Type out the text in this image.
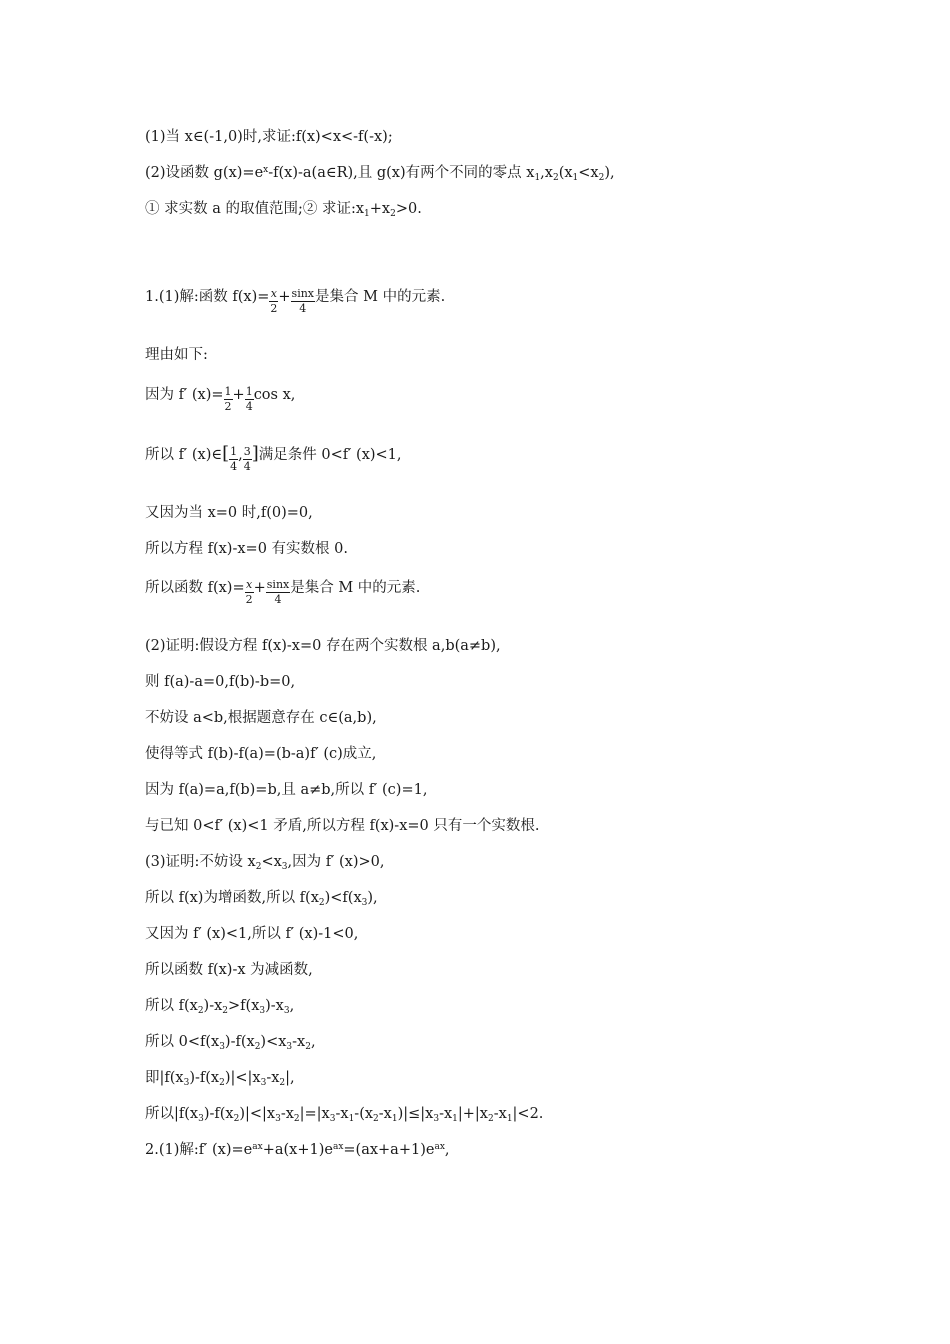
(1)当 x∈(-1,0)时,求证:f(x)<x<-f(-x);
(2)设函数 $g(x)=e^x-f(x)-a(a\in R)$,且 g(x)有两个不同的零点 $x_1,x_2(x_1<x_2)$,
① 求实数 a 的取值范围;② 求证$:x_1+x_2>0$.
1.(1)解:函数 $f(x)= \frac{x}{2} + \frac{\sin x}{4}$ 是集合 M 中的元素.
理由如下:
因为 f′ $(x)= \frac{1}{2} + \frac{1}{4}$ cos x,
所以 f′ (x)∈[ $\frac{1}{4}$ , $\frac{3}{4}$ ]满足条件 0<f′ (x)<1,
又因为当 x=0 时,f(0)=0,
所以方程 f(x)-x=0 有实数根 0.
所以函数 $f(x)= \frac{x}{2} + \frac{\sin x}{4}$ 是集合 M 中的元素.
(2)证明:假设方程 f(x)-x=0 存在两个实数根 a,b(a≠b),
则 f(a)-a=0,f(b)-b=0,
不妨设 a<b,根据题意存在 c∈(a,b),
使得等式 f(b)-f(a)=(b-a)f′ (c)成立,
因为 f(a)=a,f(b)=b,且 a≠b,所以 f′ (c)=1,
与已知 0<f′ (x)<1 矛盾,所以方程 f(x)-x=0 只有一个实数根.
(3)证明:不妨设 $x_2<x_3$,因为 f′ (x)>0,
所以 f(x)为增函数,所以 $f(x_2)<f(x_3)$,
又因为 f′ (x)<1,所以 f′ (x)-1<0,
所以函数 f(x)-x 为减函数,
所以 $f(x_2)-x_2>f(x_3)-x_3$,
所以 $0<f(x_3)-f(x_2)<x_3-x_2$,
即$|f(x_3)-f(x_2)|<|x_3-x_2|$,
所以$|f(x_3)-f(x_2)|<|x_3-x_2|=|x_3-x_1-(x_2-x_1)|\le|x_3-x_1|+|x_2-x_1|<2$.
2.(1)解:f′ $(x)=e^{ax}+a(x+1)e^{ax}=(ax+a+1)e^{ax}$,
